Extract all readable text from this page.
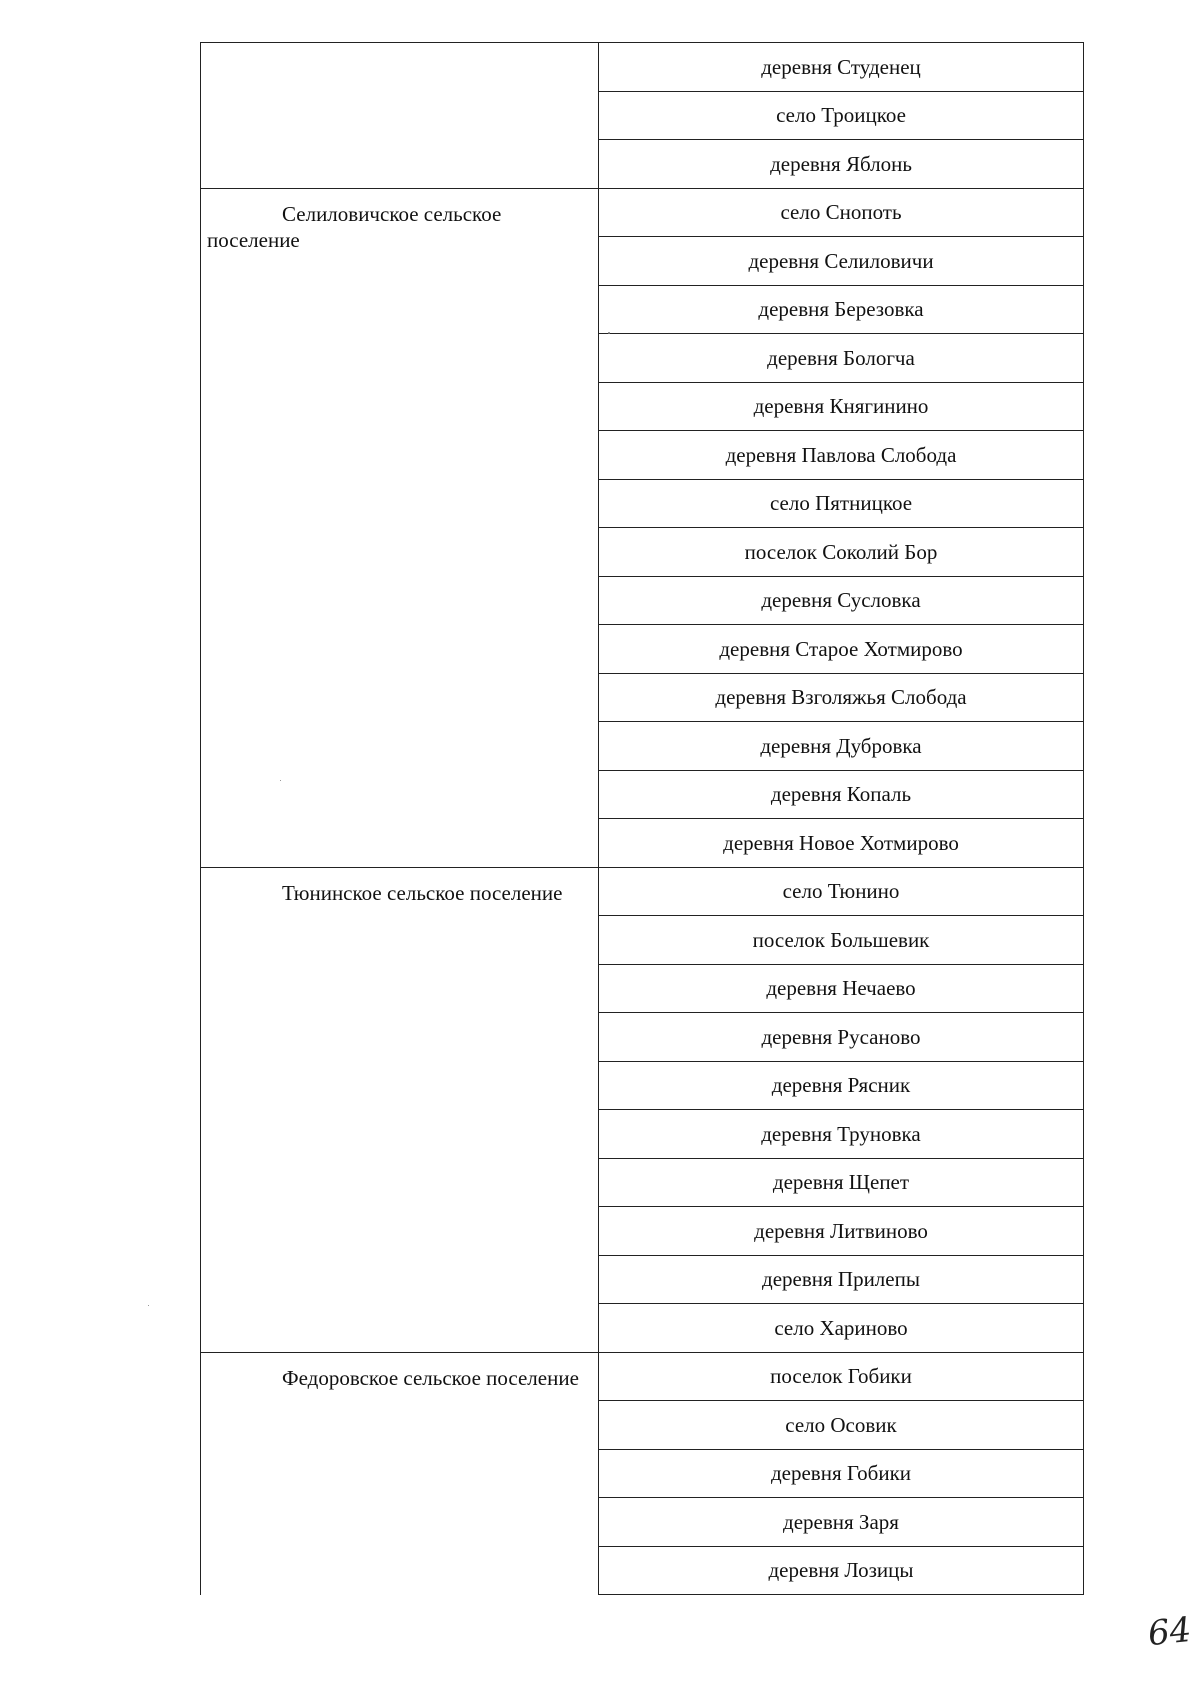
	деревня Студенец
	село Троицкое
	деревня Яблонь

Селиловичское сельское поселение	село Снопоть
	деревня Селиловичи
	деревня Березовка
	деревня Бологча
	деревня Княгинино
	деревня Павлова Слобода
	село Пятницкое
	поселок Соколий Бор
	деревня Сусловка
	деревня Старое Хотмирово
	деревня Взголяжья Слобода
	деревня Дубровка
	деревня Копаль
	деревня Новое Хотмирово

Тюнинское сельское поселение	село Тюнино
	поселок Большевик
	деревня Нечаево
	деревня Русаново
	деревня Рясник
	деревня Труновка
	деревня Щепет
	деревня Литвиново
	деревня Прилепы
	село Хариново

Федоровское сельское поселение	поселок Гобики
	село Осовик
	деревня Гобики
	деревня Заря
	деревня Лозицы
64
